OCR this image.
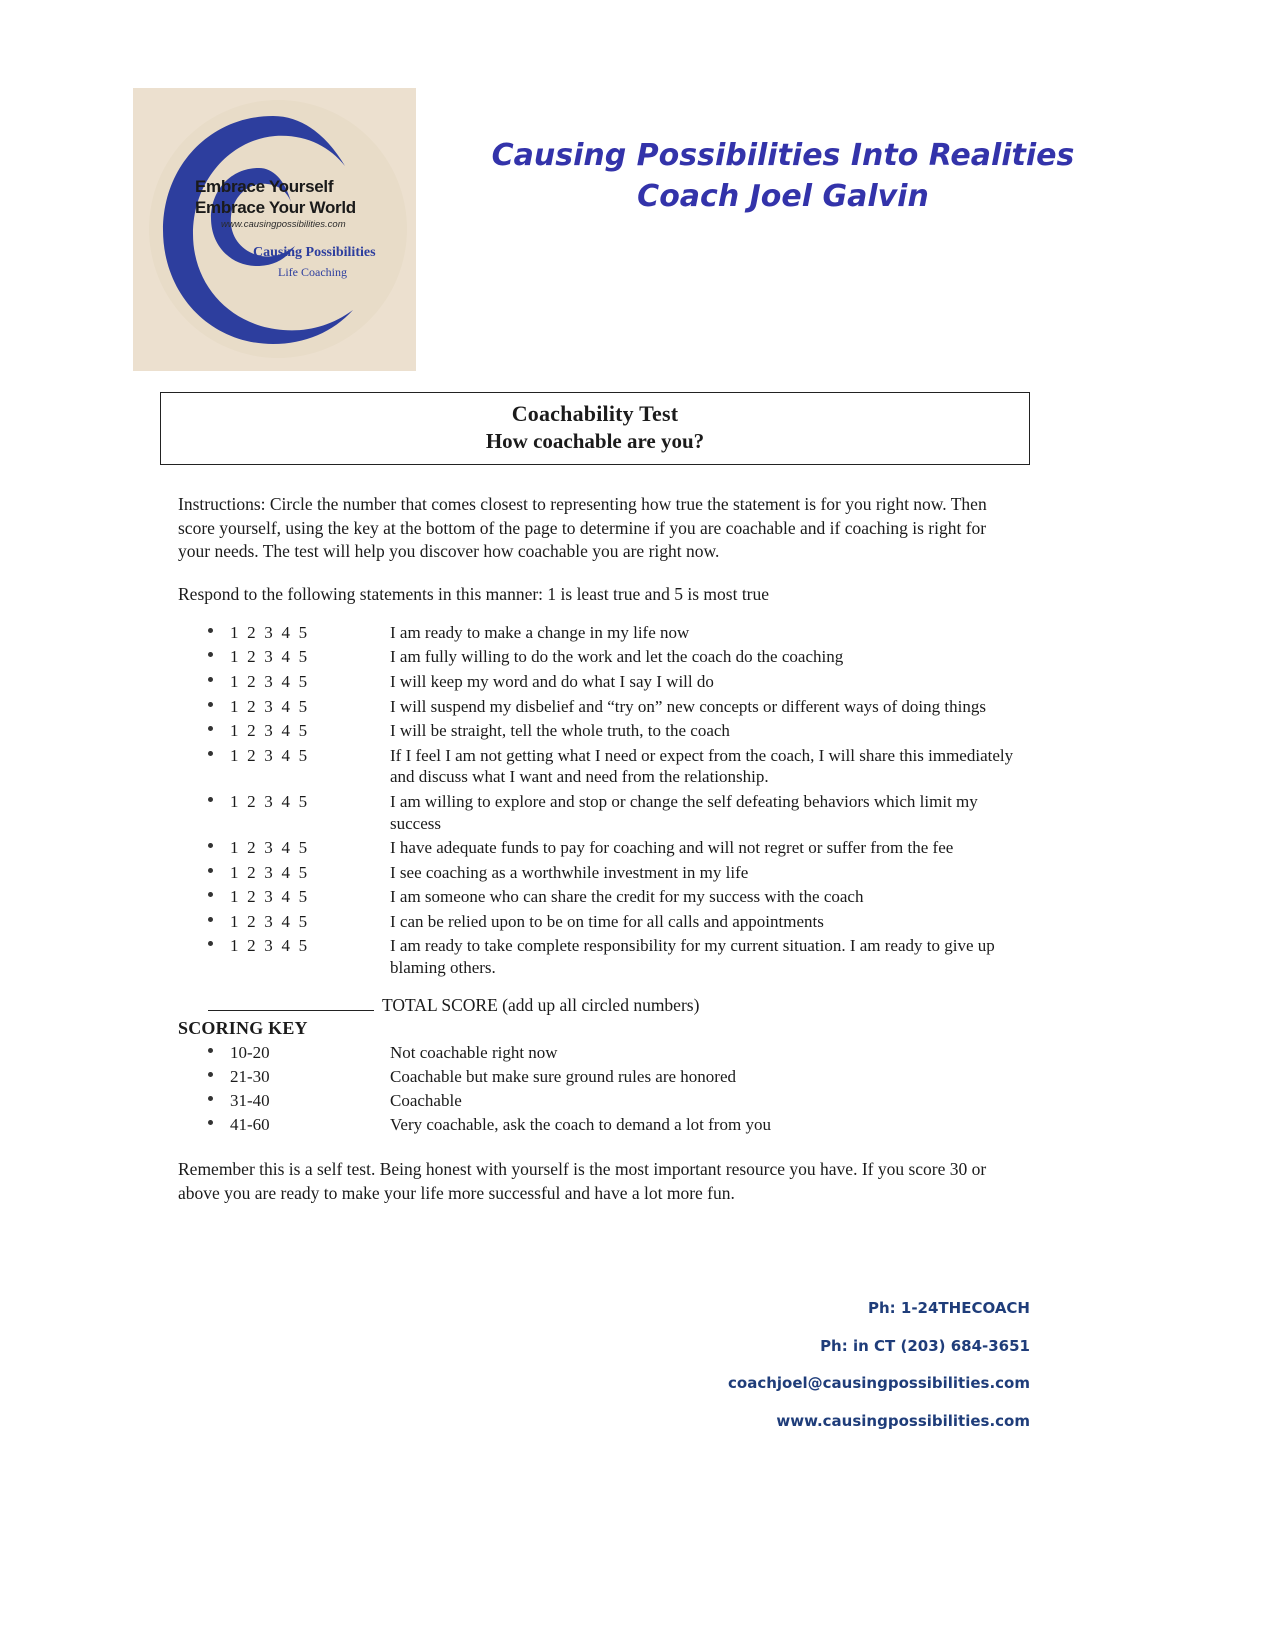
Embrace Yourself
Embrace Your World
www.causingpossibilities.com
Causing Possibilities
Life Coaching
Causing Possibilities Into Realities
Coach Joel Galvin
Coachability Test
How coachable are you?
Instructions: Circle the number that comes closest to representing how true the statement is for you right now. Then score yourself, using the key at the bottom of the page to determine if you are coachable and if coaching is right for your needs. The test will help you discover how coachable you are right now.
Respond to the following statements in this manner: 1 is least true and 5 is most true
1 2 3 4 5	I am ready to make a change in my life now
1 2 3 4 5	I am fully willing to do the work and let the coach do the coaching
1 2 3 4 5	I will keep my word and do what I say I will do
1 2 3 4 5	I will suspend my disbelief and “try on” new concepts or different ways of doing things
1 2 3 4 5	I will be straight, tell the whole truth, to the coach
1 2 3 4 5	If I feel I am not getting what I need or expect from the coach, I will share this immediately and discuss what I want and need from the relationship.
1 2 3 4 5	I am willing to explore and stop or change the self defeating behaviors which limit my success
1 2 3 4 5	I have adequate funds to pay for coaching and will not regret or suffer from the fee
1 2 3 4 5	I see coaching as a worthwhile investment in my life
1 2 3 4 5	I am someone who can share the credit for my success with the coach
1 2 3 4 5	I can be relied upon to be on time for all calls and appointments
1 2 3 4 5	I am ready to take complete responsibility for my current situation. I am ready to give up blaming others.
TOTAL SCORE (add up all circled numbers)
SCORING KEY
10-20	Not coachable right now
21-30	Coachable but make sure ground rules are honored
31-40	Coachable
41-60	Very coachable, ask the coach to demand a lot from you
Remember this is a self test. Being honest with yourself is the most important resource you have. If you score 30 or above you are ready to make your life more successful and have a lot more fun.
Ph: 1-24THECOACH
Ph: in CT (203) 684-3651
coachjoel@causingpossibilities.com
www.causingpossibilities.com
